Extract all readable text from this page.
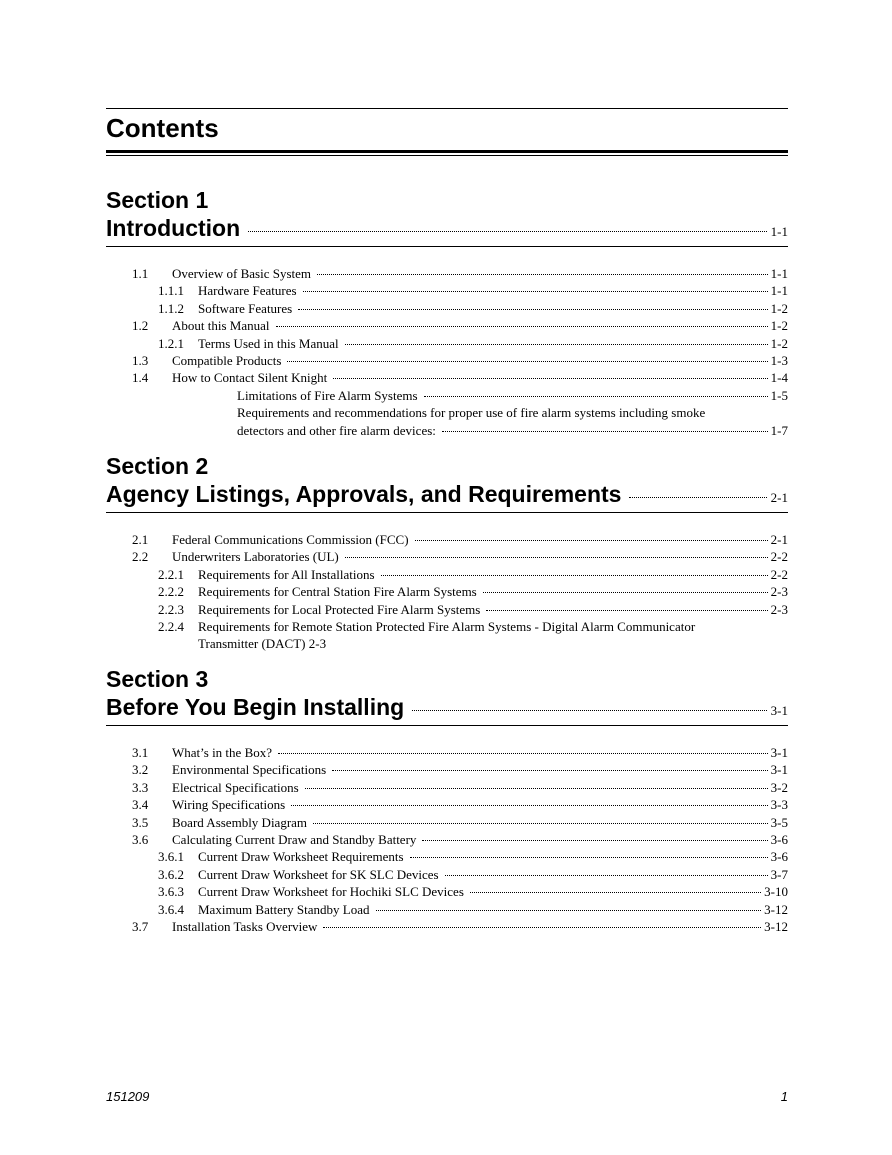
Contents
Section 1
Introduction	1-1
1.1 Overview of Basic System	1-1
1.1.1 Hardware Features	1-1
1.1.2 Software Features	1-2
1.2 About this Manual	1-2
1.2.1 Terms Used in this Manual	1-2
1.3 Compatible Products	1-3
1.4 How to Contact Silent Knight	1-4
Limitations of Fire Alarm Systems	1-5
Requirements and recommendations for proper use of fire alarm systems including smoke
detectors and other fire alarm devices:	1-7
Section 2
Agency Listings, Approvals, and Requirements	2-1
2.1 Federal Communications Commission (FCC)	2-1
2.2 Underwriters Laboratories (UL)	2-2
2.2.1 Requirements for All Installations	2-2
2.2.2 Requirements for Central Station Fire Alarm Systems	2-3
2.2.3 Requirements for Local Protected Fire Alarm Systems	2-3
2.2.4	Requirements for Remote Station Protected Fire Alarm Systems - Digital Alarm Communicator
Transmitter (DACT) 2-3
Section 3
Before You Begin Installing	3-1
3.1 What’s in the Box?	3-1
3.2 Environmental Specifications	3-1
3.3 Electrical Specifications	3-2
3.4 Wiring Specifications	3-3
3.5 Board Assembly Diagram	3-5
3.6 Calculating Current Draw and Standby Battery	3-6
3.6.1 Current Draw Worksheet Requirements	3-6
3.6.2 Current Draw Worksheet for SK SLC Devices	3-7
3.6.3 Current Draw Worksheet for Hochiki SLC Devices	3-10
3.6.4 Maximum Battery Standby Load	3-12
3.7 Installation Tasks Overview	3-12
151209	1
